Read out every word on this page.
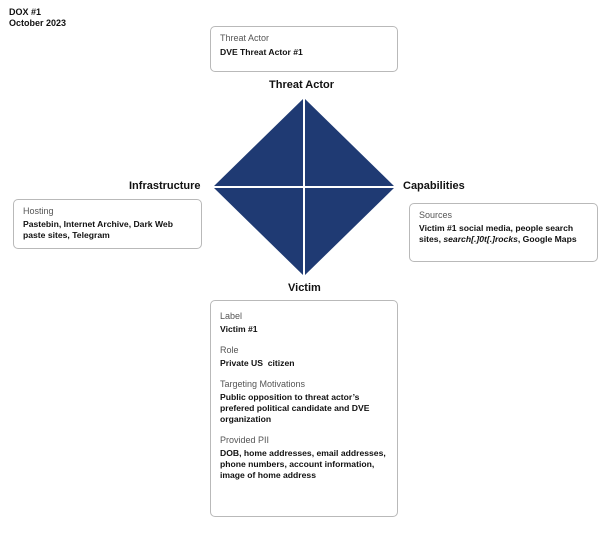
DOX #1
October 2023
Threat Actor
DVE Threat Actor #1
Threat Actor
Infrastructure	Capabilities
Victim
Hosting
Pastebin, Internet Archive, Dark Web paste sites, Telegram
Sources
Victim #1 social media, people search sites, search[.]0t[.]rocks, Google Maps
Label
Victim #1
Role
Private US  citizen
Targeting Motivations
Public opposition to threat actor’s prefered political candidate and DVE organization
Provided PII
DOB, home addresses, email addresses, phone numbers, account information, image of home address
